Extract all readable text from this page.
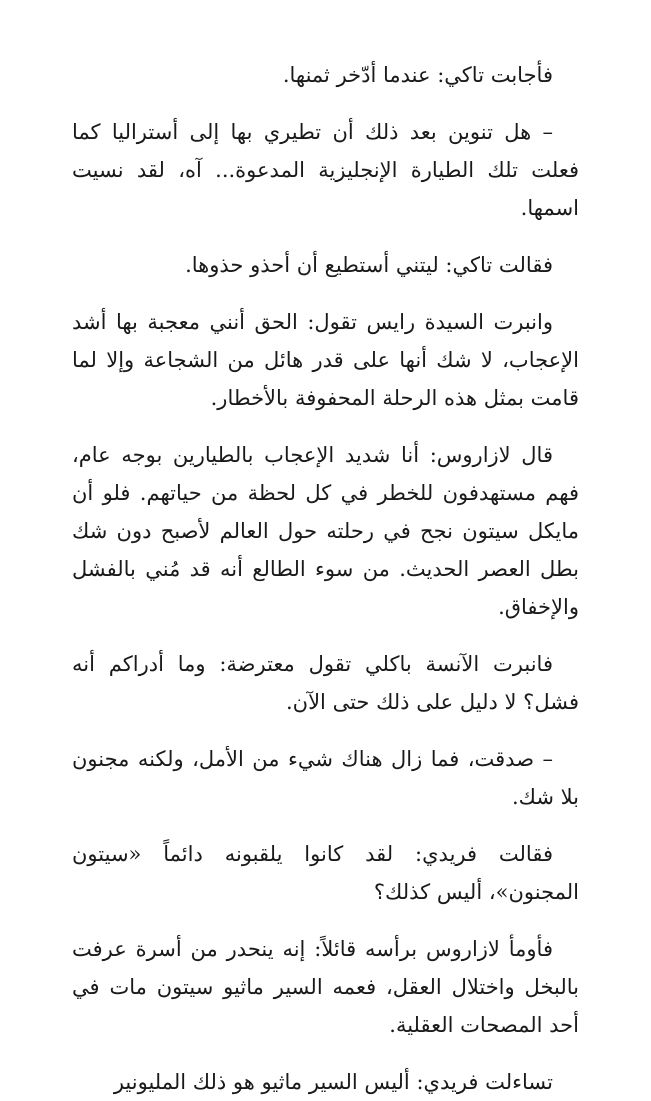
فأجابت تاكي: عندما أدّخر ثمنها.

– هل تنوين بعد ذلك أن تطيري بها إلى أستراليا كما فعلت تلك الطيارة الإنجليزية المدعوة... آه، لقد نسيت اسمها.

فقالت تاكي: ليتني أستطيع أن أحذو حذوها.

وانبرت السيدة رايس تقول: الحق أنني معجبة بها أشد الإعجاب، لا شك أنها على قدر هائل من الشجاعة وإلا لما قامت بمثل هذه الرحلة المحفوفة بالأخطار.

قال لازاروس: أنا شديد الإعجاب بالطيارين بوجه عام، فهم مستهدفون للخطر في كل لحظة من حياتهم. فلو أن مايكل سيتون نجح في رحلته حول العالم لأصبح دون شك بطل العصر الحديث. من سوء الطالع أنه قد مُني بالفشل والإخفاق.

فانبرت الآنسة باكلي تقول معترضة: وما أدراكم أنه فشل؟ لا دليل على ذلك حتى الآن.

– صدقت، فما زال هناك شيء من الأمل، ولكنه مجنون بلا شك.

فقالت فريدي: لقد كانوا يلقبونه دائماً «سيتون المجنون»، أليس كذلك؟

فأومأ لازاروس برأسه قائلاً: إنه ينحدر من أسرة عرفت بالبخل واختلال العقل، فعمه السير ماثيو سيتون مات في أحد المصحات العقلية.

تساءلت فريدي: أليس السير ماثيو هو ذلك المليونير
